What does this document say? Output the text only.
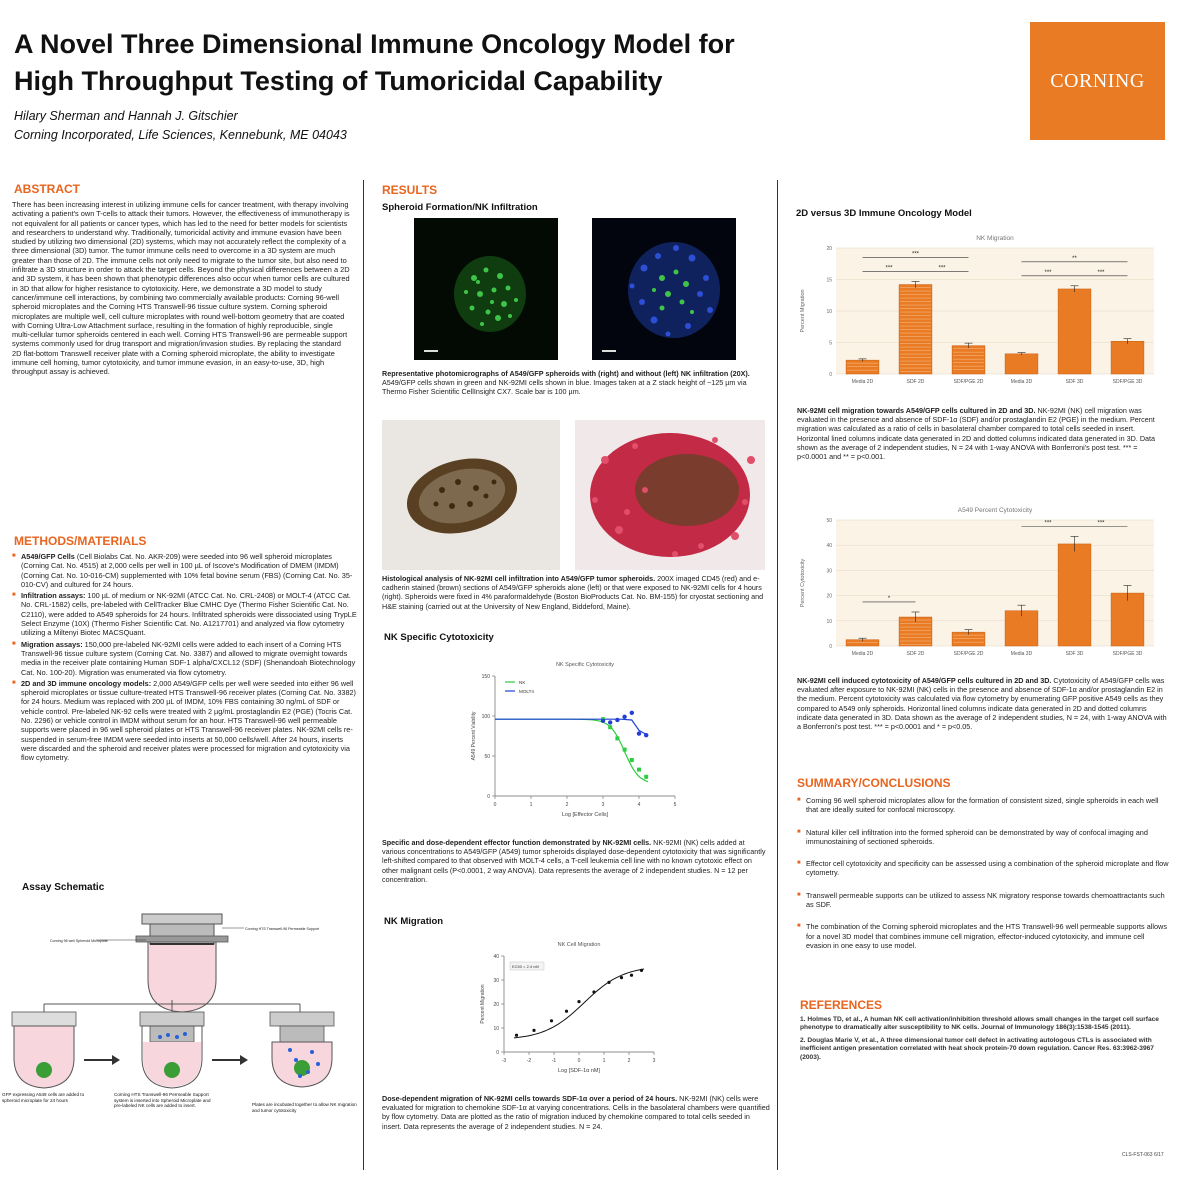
A Novel Three Dimensional Immune Oncology Model for
High Throughput Testing of Tumoricidal Capability
Hilary Sherman and Hannah J. Gitschier
Corning Incorporated, Life Sciences, Kennebunk, ME 04043
CORNING
ABSTRACT
There has been increasing interest in utilizing immune cells for cancer treatment, with therapy involving activating a patient's own T-cells to attack their tumors. However, the effectiveness of immunotherapy is not equivalent for all patients or cancer types, which has led to the need for better models for scientists and researchers to understand why. Traditionally, tumoricidal activity and immune evasion have been studied by utilizing two dimensional (2D) systems, which may not accurately reflect the complexity of a three dimensional (3D) tumor. The tumor immune cells need to overcome in a 3D system are much greater than those of 2D. The immune cells not only need to migrate to the tumor site, but also need to infiltrate a 3D structure in order to attack the target cells. Beyond the physical differences between a 2D and 3D system, it has been shown that phenotypic differences also occur when tumor cells are cultured in 3D that allow for higher resistance to cytotoxicity. Here, we demonstrate a 3D model to study cancer/immune cell interactions, by combining two commercially available products: Corning 96-well spheroid microplates and the Corning HTS Transwell-96 tissue culture system. Corning spheroid microplates are multiple well, cell culture microplates with round well-bottom geometry that are coated with Corning Ultra-Low Attachment surface, resulting in the formation of highly reproducible, single multi-cellular tumor spheroids centered in each well. Corning HTS Transwell-96 are permeable support systems commonly used for drug transport and migration/invasion studies. By replacing the standard 2D flat-bottom Transwell receiver plate with a Corning spheroid microplate, the ability to investigate immune cell homing, tumor cytotoxicity, and tumor immune evasion, in an easy-to-use, 3D, high throughput assay is achieved.
METHODS/MATERIALS
■ A549/GFP Cells (Cell Biolabs Cat. No. AKR-209) were seeded into 96 well spheroid microplates (Corning Cat. No. 4515) at 2,000 cells per well in 100 µL of Iscove's Modification of DMEM (IMDM) (Corning Cat. No. 10-016-CM) supplemented with 10% fetal bovine serum (FBS) (Corning Cat. No. 35-010-CV) and cultured for 24 hours.
■ Infiltration assays: 100 µL of medium or NK-92MI (ATCC Cat. No. CRL-2408) or MOLT-4 (ATCC Cat. No. CRL-1582) cells, pre-labeled with CellTracker Blue CMHC Dye (Thermo Fisher Scientific Cat. No. C2110), were added to A549 spheroids for 24 hours. Infiltrated spheroids were dissociated using TrypLE Select Enzyme (10X) (Thermo Fisher Scientific Cat. No. A1217701) and analyzed via flow cytometry utilizing a Miltenyi Biotec MACSQuant.
■ Migration assays: 150,000 pre-labeled NK-92MI cells were added to each insert of a Corning HTS Transwell-96 tissue culture system (Corning Cat. No. 3387) and allowed to migrate overnight towards media in the receiver plate containing Human SDF-1 alpha/CXCL12 (SDF) (Shenandoah Biotechnology Cat. No. 100-20). Migration was enumerated via flow cytometry.
■ 2D and 3D immune oncology models: 2,000 A549/GFP cells per well were seeded into either 96 well spheroid microplates or tissue culture-treated HTS Transwell-96 receiver plates (Corning Cat. No. 3382) for 24 hours. Medium was replaced with 200 µL of IMDM, 10% FBS containing 30 ng/mL of SDF or vehicle control. Pre-labeled NK-92 cells were treated with 2 µg/mL prostaglandin E2 (PGE) (Tocris Cat. No. 2296) or vehicle control in IMDM without serum for an hour. HTS Transwell-96 well permeable supports were placed in 96 well spheroid plates or HTS Transwell-96 receiver plates. NK-92MI cells re-suspended in serum-free IMDM were seeded into inserts at 50,000 cells/well. After 24 hours, inserts were discarded and the spheroid and receiver plates were processed for migration and cytotoxicity via flow cytometry.
Assay Schematic
Corning 96 well Spheroid Microplate
Corning HTS Transwell-96 Permeable Support
GFP expressing A549 cells are added to spheroid microplate for 24 hours
Corning HTS Transwell-96 Permeable Support system is inserted into Spheroid Microplate and pre-labeled NK cells are added to insert.	Plates are incubated together to allow NK migration and tumor cytotoxicity
RESULTS
Spheroid Formation/NK Infiltration
Representative photomicrographs of A549/GFP spheroids with (right) and without (left) NK infiltration (20X). A549/GFP cells shown in green and NK-92MI cells shown in blue. Images taken at a Z stack height of ~125 µm via Thermo Fisher Scientific CellInsight CX7. Scale bar is 100 µm.
Histological analysis of NK-92MI cell infiltration into A549/GFP tumor spheroids. 200X imaged CD45 (red) and e-cadherin stained (brown) sections of A549/GFP spheroids alone (left) or that were exposed to NK-92MI cells for 4 hours (right). Spheroids were fixed in 4% paraformaldehyde (Boston BioProducts Cat. No. BM-155) for cryostat sectioning and H&E staining (carried out at the University of New England, Biddeford, Maine).
NK Specific Cytotoxicity
NK Specific Cytotoxicity
0
50
100
150
0	1	2	3	4	5
Log [Effector Cells]
A549 Percent Viability
NK
MOLT4
Specific and dose-dependent effector function demonstrated by NK-92MI cells. NK-92MI (NK) cells added at various concentrations to A549/GFP (A549) tumor spheroids displayed dose-dependent cytotoxicity that was significantly left-shifted compared to that observed with MOLT-4 cells, a T-cell leukemia cell line with no known cytotoxic effect on other malignant cells (P<0.0001, 2 way ANOVA). Data represents the average of 2 independent studies. N = 12 per concentration.
NK Migration
NK Cell Migration
0
10
20
30
40
-3	-2	-1	0	1	2	3
Log [SDF-1α nM]
Percent Migration
EC50 = 2.4 nM
Dose-dependent migration of NK-92MI cells towards SDF-1α over a period of 24 hours. NK-92MI (NK) cells were evaluated for migration to chemokine SDF-1α at varying concentrations. Cells in the basolateral chambers were quantified by flow cytometry. Data are plotted as the ratio of migration induced by chemokine compared to total cells seeded in insert. Data represents the average of 2 independent studies. N = 24.
2D versus 3D Immune Oncology Model
NK Migration
0
5
10
15
20
Percent Migration
Media 2D	SDF 2D	SDF/PGE 2D	Media 3D	SDF 3D	SDF/PGE 3D
***
***	***
**
***	***
NK-92MI cell migration towards A549/GFP cells cultured in 2D and 3D. NK-92MI (NK) cell migration was evaluated in the presence and absence of SDF-1α (SDF) and/or prostaglandin E2 (PGE) in the medium. Percent migration was calculated as a ratio of cells in basolateral chamber compared to total cells seeded in insert. Horizontal lined columns indicate data generated in 2D and dotted columns indicated data generated in 3D. Data shown as the average of 2 independent studies, N = 24 with 1-way ANOVA with Bonferroni's post test. *** = p<0.0001 and ** = p<0.001.
A549 Percent Cytotoxicity
0
10
20
30
40
50
Percent Cytotoxicity
Media 2D	SDF 2D	SDF/PGE 2D	Media 3D	SDF 3D	SDF/PGE 3D
*
***	***
NK-92MI cell induced cytotoxicity of A549/GFP cells cultured in 2D and 3D. Cytotoxicity of A549/GFP cells was evaluated after exposure to NK-92MI (NK) cells in the presence and absence of SDF-1α and/or prostaglandin E2 in the medium. Percent cytotoxicity was calculated via flow cytometry by enumerating GFP positive A549 cells as they compared to A549 only spheroids. Horizontal lined columns indicate data generated in 2D and dotted columns indicate data generated in 3D. Data shown as the average of 2 independent studies, N = 24, with 1-way ANOVA with a Bonferroni's post test. *** = p<0.0001 and * = p<0.05.
SUMMARY/CONCLUSIONS
■ Corning 96 well spheroid microplates allow for the formation of consistent sized, single spheroids in each well that are ideally suited for confocal microscopy.
■ Natural killer cell infiltration into the formed spheroid can be demonstrated by way of confocal imaging and immunostaining of sectioned spheroids.
■ Effector cell cytotoxicity and specificity can be assessed using a combination of the spheroid microplate and flow cytometry.
■ Transwell permeable supports can be utilized to assess NK migratory response towards chemoattractants such as SDF.
■ The combination of the Corning spheroid microplates and the HTS Transwell-96 well permeable supports allows for a novel 3D model that combines immune cell migration, effector-induced cytotoxicity, and immune cell evasion in one easy to use model.
REFERENCES
1. Holmes TD, et al., A human NK cell activation/inhibition threshold allows small changes in the target cell surface phenotype to dramatically alter susceptibility to NK cells. Journal of Immunology 186(3):1538-1545 (2011).
2. Douglas Marie V, et al., A three dimensional tumor cell defect in activating autologous CTLs is associated with inefficient antigen presentation correlated with heat shock protein-70 down regulation. Cancer Res. 63:3962-3967 (2003).
CLS-FST-063 6/17
